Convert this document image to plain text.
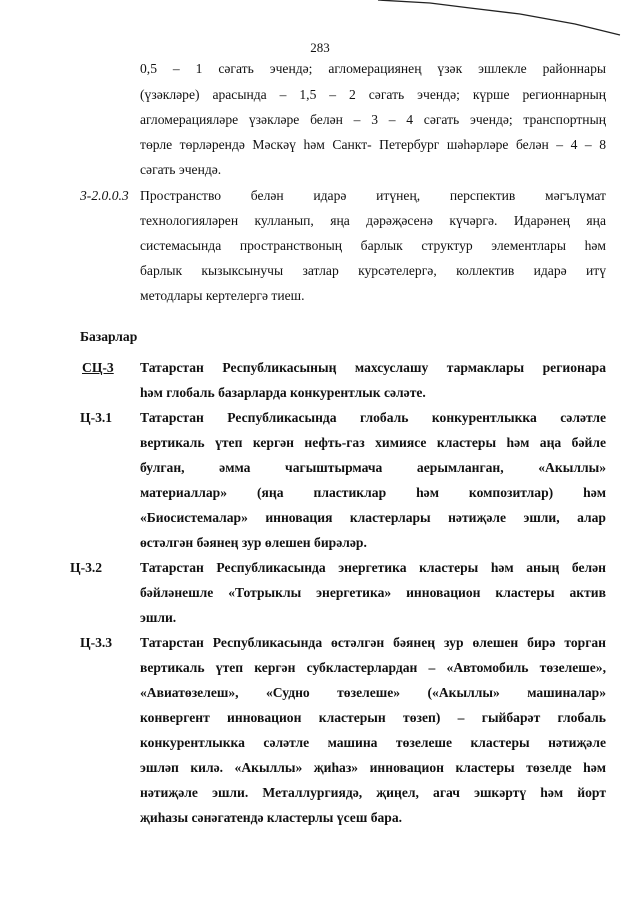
283
0,5 – 1 сәгать эчендә; агломерациянең үзәк эшлекле районнары
(үзәкләре) арасында – 1,5 – 2 сәгать эчендә; күрше регионнарның
агломерацияләре үзәкләре белән – 3 – 4 сәгать эчендә; транспортның
төрле төрләрендә Мәскәү һәм Санкт- Петербург шәһәрләре белән – 4 – 8
сәгать эчендә.
3-2.0.0.3 Пространство белән идарә итүнең, перспектив мәгълүмат
технологияләрен кулланып, яңа дәрәҗәсенә күчәргә. Идарәнең яңа
системасында пространствоның барлык структур элементлары һәм
барлык кызыксынучы затлар курсәтелергә, коллектив идарә итү
методлары кертелергә тиеш.
Базарлар
СЦ-3 Татарстан Республикасының махсуслашу тармаклары регионара
һәм глобаль базарларда конкурентлык сәләте.
Ц-3.1 Татарстан Республикасында глобаль конкурентлыкка сәләтле
вертикаль үтеп кергән нефть-газ химиясе кластеры һәм аңа бәйле
булган, әмма чагыштырмача аерымланган, «Акыллы»
материаллар» (яңа пластиклар һәм композитлар) һәм
«Биосистемалар» инновация кластерлары нәтиҗәле эшли, алар
өстәлгән бәянең зур өлешен бирәләр.
Ц-3.2	Татарстан Республикасында энергетика кластеры һәм аның белән
бәйләнешле «Тотрыклы энергетика» инновацион кластеры актив
эшли.
Ц-3.3 Татарстан Республикасында өстәлгән бәянең зур өлешен бирә торган
вертикаль үтеп кергән субкластерлардан – «Автомобиль төзелеше»,
«Авиатөзелеш», «Судно төзелеше» («Акыллы» машиналар»
конвергент инновацион кластерын төзеп) – гыйбарәт глобаль
конкурентлыкка сәләтле машина төзелеше кластеры нәтиҗәле
эшләп килә. «Акыллы» җиһаз» инновацион кластеры төзелде һәм
нәтиҗәле эшли. Металлургиядә, җиңел, агач эшкәртү һәм йорт
җиһазы сәнәгатендә кластерлы үсеш бара.
